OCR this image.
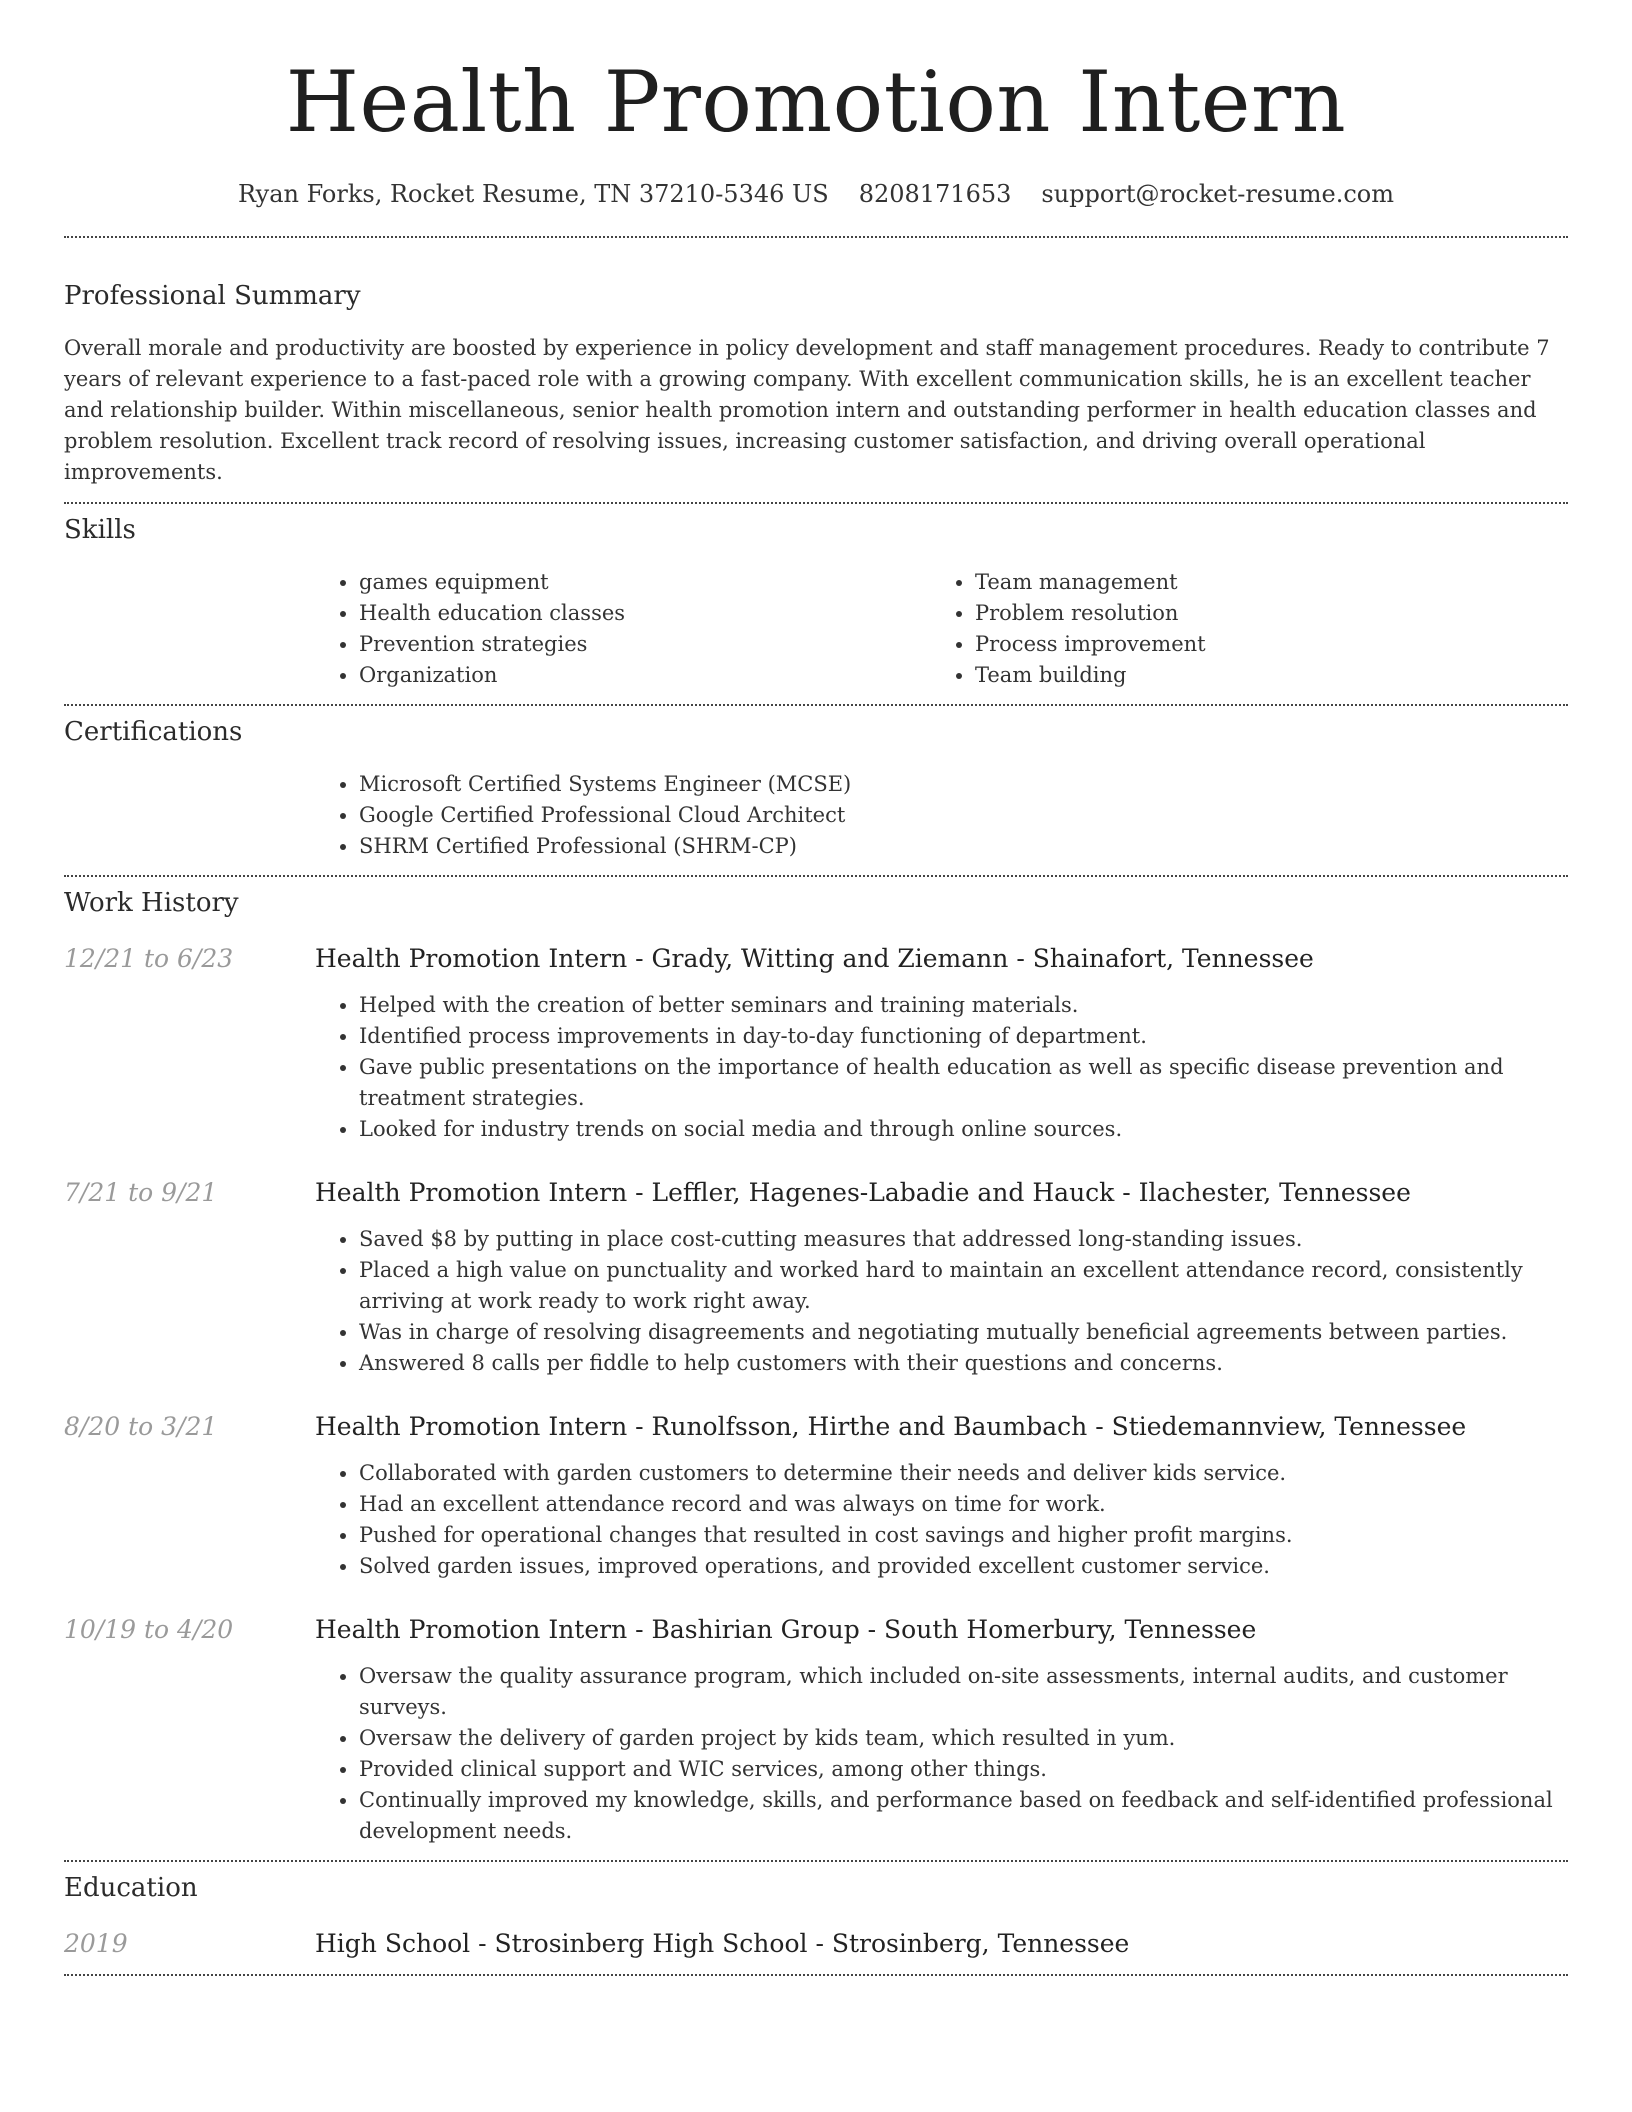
Health Promotion Intern
Ryan Forks, Rocket Resume, TN 37210-5346 US 8208171653 support@rocket-resume.com
Professional Summary

Overall morale and productivity are boosted by experience in policy development and staff management procedures. Ready to contribute 7 years of relevant experience to a fast-paced role with a growing company. With excellent communication skills, he is an excellent teacher and relationship builder. Within miscellaneous, senior health promotion intern and outstanding performer in health education classes and problem resolution. Excellent track record of resolving issues, increasing customer satisfaction, and driving overall operational improvements.

Skills
• games equipment
• Health education classes
• Prevention strategies
• Organization
• Team management
• Problem resolution
• Process improvement
• Team building
Certifications
• Microsoft Certified Systems Engineer (MCSE)
• Google Certified Professional Cloud Architect
• SHRM Certified Professional (SHRM-CP)
Work History
12/21 to 6/23	Health Promotion Intern - Grady, Witting and Ziemann - Shainafort, Tennessee
• Helped with the creation of better seminars and training materials.
• Identified process improvements in day-to-day functioning of department.
• Gave public presentations on the importance of health education as well as specific disease prevention and treatment strategies.
• Looked for industry trends on social media and through online sources.
7/21 to 9/21	Health Promotion Intern - Leffler, Hagenes-Labadie and Hauck - Ilachester, Tennessee
• Saved $8 by putting in place cost-cutting measures that addressed long-standing issues.
• Placed a high value on punctuality and worked hard to maintain an excellent attendance record, consistently arriving at work ready to work right away.
• Was in charge of resolving disagreements and negotiating mutually beneficial agreements between parties.
• Answered 8 calls per fiddle to help customers with their questions and concerns.
8/20 to 3/21	Health Promotion Intern - Runolfsson, Hirthe and Baumbach - Stiedemannview, Tennessee
• Collaborated with garden customers to determine their needs and deliver kids service.
• Had an excellent attendance record and was always on time for work.
• Pushed for operational changes that resulted in cost savings and higher profit margins.
• Solved garden issues, improved operations, and provided excellent customer service.
10/19 to 4/20	Health Promotion Intern - Bashirian Group - South Homerbury, Tennessee
• Oversaw the quality assurance program, which included on-site assessments, internal audits, and customer surveys.
• Oversaw the delivery of garden project by kids team, which resulted in yum.
• Provided clinical support and WIC services, among other things.
• Continually improved my knowledge, skills, and performance based on feedback and self-identified professional development needs.
Education
2019	High School - Strosinberg High School - Strosinberg, Tennessee
